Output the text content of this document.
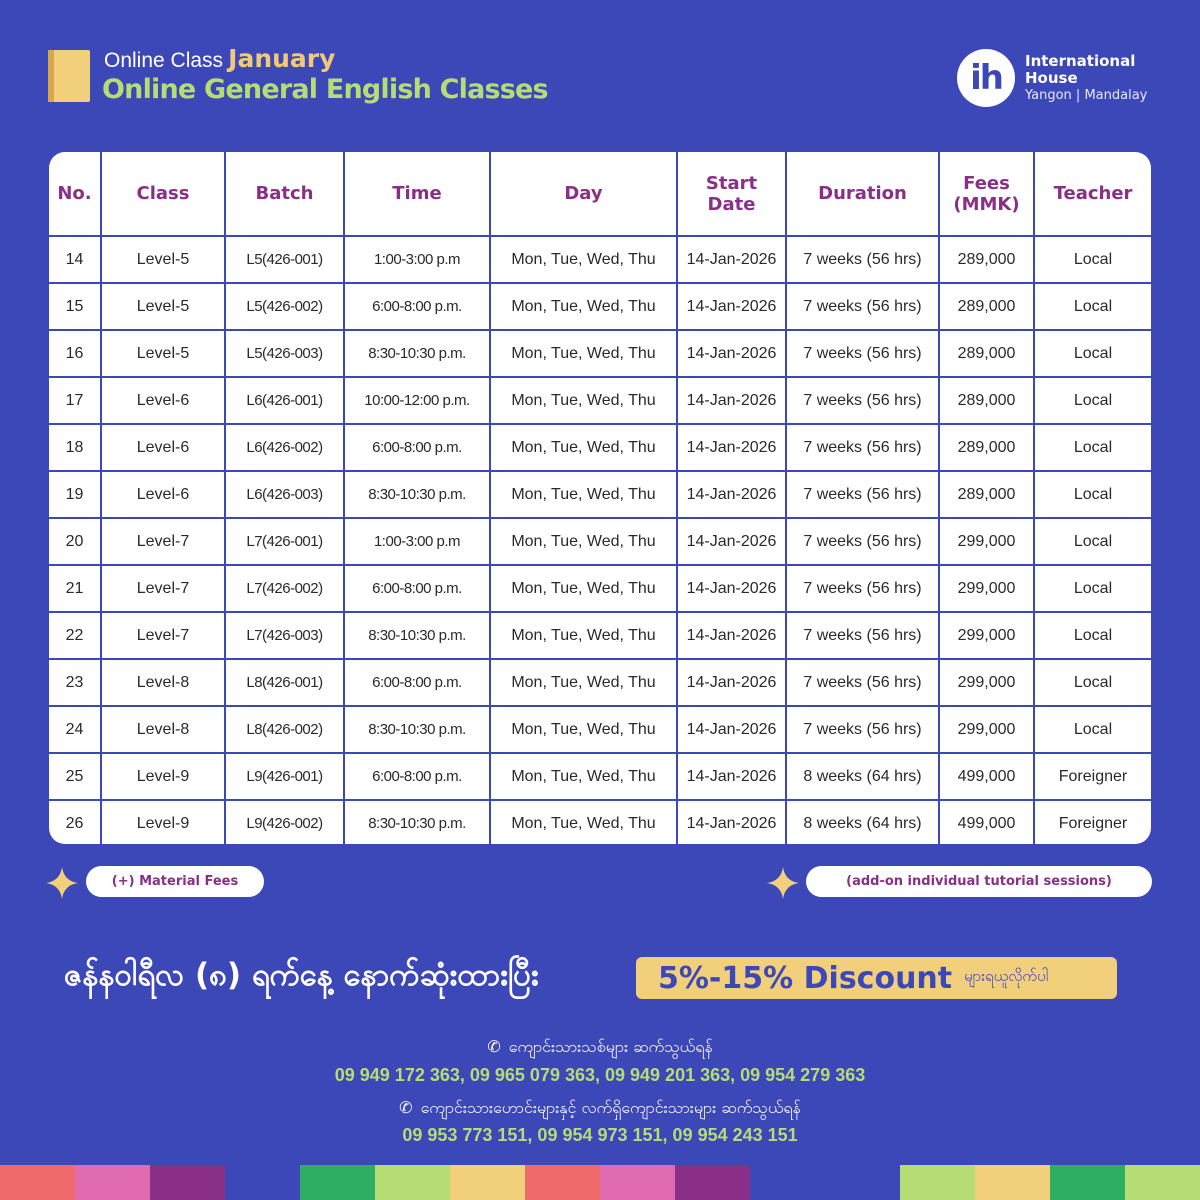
Online Class January
Online General English Classes	ih International
House
Yangon | Mandalay
No.	Class	Batch	Time	Day	Start Date	Duration	Fees (MMK)	Teacher
14	Level-5	L5(426-001)	1:00-3:00 p.m	Mon, Tue, Wed, Thu	14-Jan-2026	7 weeks (56 hrs)	289,000	Local
15	Level-5	L5(426-002)	6:00-8:00 p.m.	Mon, Tue, Wed, Thu	14-Jan-2026	7 weeks (56 hrs)	289,000	Local
16	Level-5	L5(426-003)	8:30-10:30 p.m.	Mon, Tue, Wed, Thu	14-Jan-2026	7 weeks (56 hrs)	289,000	Local
17	Level-6	L6(426-001)	10:00-12:00 p.m.	Mon, Tue, Wed, Thu	14-Jan-2026	7 weeks (56 hrs)	289,000	Local
18	Level-6	L6(426-002)	6:00-8:00 p.m.	Mon, Tue, Wed, Thu	14-Jan-2026	7 weeks (56 hrs)	289,000	Local
19	Level-6	L6(426-003)	8:30-10:30 p.m.	Mon, Tue, Wed, Thu	14-Jan-2026	7 weeks (56 hrs)	289,000	Local
20	Level-7	L7(426-001)	1:00-3:00 p.m	Mon, Tue, Wed, Thu	14-Jan-2026	7 weeks (56 hrs)	299,000	Local
21	Level-7	L7(426-002)	6:00-8:00 p.m.	Mon, Tue, Wed, Thu	14-Jan-2026	7 weeks (56 hrs)	299,000	Local
22	Level-7	L7(426-003)	8:30-10:30 p.m.	Mon, Tue, Wed, Thu	14-Jan-2026	7 weeks (56 hrs)	299,000	Local
23	Level-8	L8(426-001)	6:00-8:00 p.m.	Mon, Tue, Wed, Thu	14-Jan-2026	7 weeks (56 hrs)	299,000	Local
24	Level-8	L8(426-002)	8:30-10:30 p.m.	Mon, Tue, Wed, Thu	14-Jan-2026	7 weeks (56 hrs)	299,000	Local
25	Level-9	L9(426-001)	6:00-8:00 p.m.	Mon, Tue, Wed, Thu	14-Jan-2026	8 weeks (64 hrs)	499,000	Foreigner
26	Level-9	L9(426-002)	8:30-10:30 p.m.	Mon, Tue, Wed, Thu	14-Jan-2026	8 weeks (64 hrs)	499,000	Foreigner
(+) Material Fees	(add-on individual tutorial sessions)
ဇန်နဝါရီလ (၈) ရက်နေ့ နောက်ဆုံးထားပြီး	5%-15% Discount များရယူလိုက်ပါ
✆ ကျောင်းသားသစ်များ ဆက်သွယ်ရန်
09 949 172 363, 09 965 079 363, 09 949 201 363, 09 954 279 363
✆ ကျောင်းသားဟောင်းများနှင့် လက်ရှိကျောင်းသားများ ဆက်သွယ်ရန်
09 953 773 151, 09 954 973 151, 09 954 243 151
